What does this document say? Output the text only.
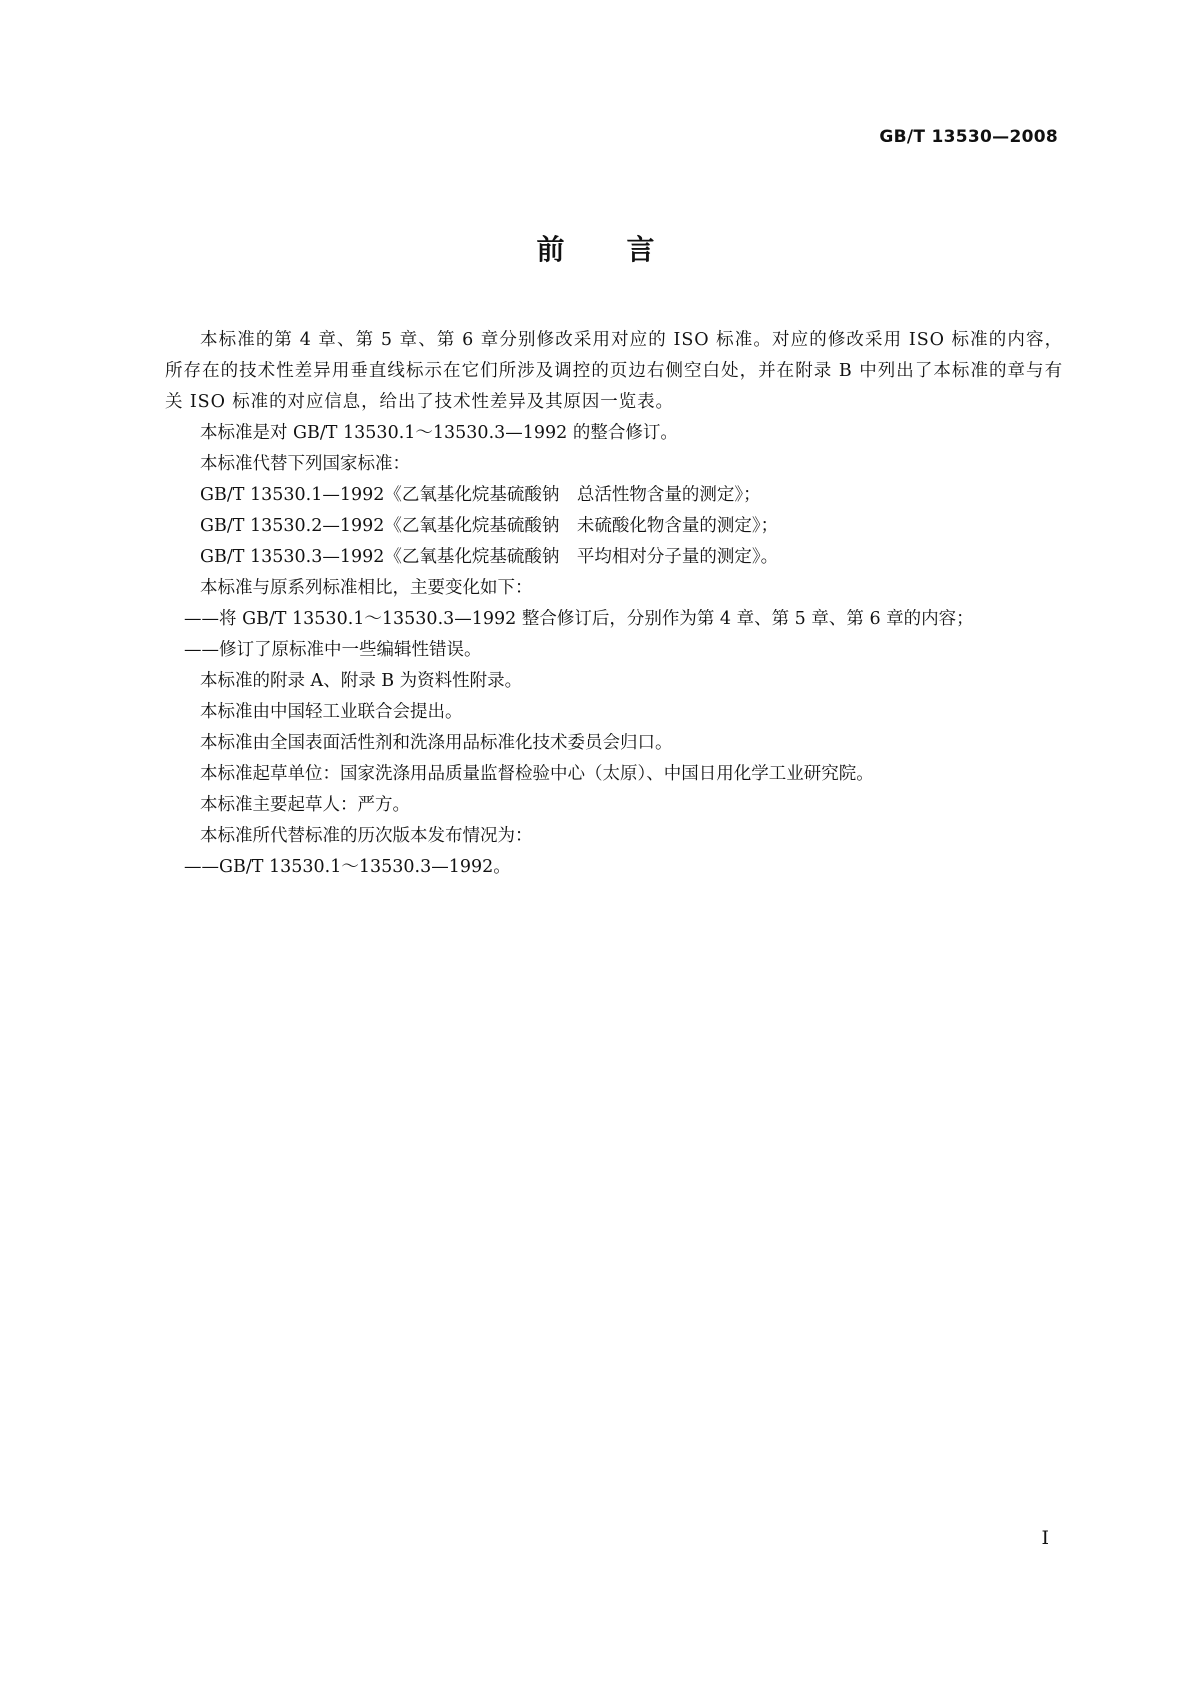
GB/T 13530—2008
前 言

本标准的第 4 章、第 5 章、第 6 章分别修改采用对应的 ISO 标准。对应的修改采用 ISO 标准的内容，所存在的技术性差异用垂直线标示在它们所涉及调控的页边右侧空白处，并在附录 B 中列出了本标准的章与有关 ISO 标准的对应信息，给出了技术性差异及其原因一览表。

本标准是对 GB/T 13530.1～13530.3—1992 的整合修订。

本标准代替下列国家标准：

GB/T 13530.1—1992《乙氧基化烷基硫酸钠　总活性物含量的测定》；

GB/T 13530.2—1992《乙氧基化烷基硫酸钠　未硫酸化物含量的测定》；

GB/T 13530.3—1992《乙氧基化烷基硫酸钠　平均相对分子量的测定》。

本标准与原系列标准相比，主要变化如下：

——将 GB/T 13530.1～13530.3—1992 整合修订后，分别作为第 4 章、第 5 章、第 6 章的内容；

——修订了原标准中一些编辑性错误。

本标准的附录 A、附录 B 为资料性附录。

本标准由中国轻工业联合会提出。

本标准由全国表面活性剂和洗涤用品标准化技术委员会归口。

本标准起草单位：国家洗涤用品质量监督检验中心（太原）、中国日用化学工业研究院。

本标准主要起草人：严方。

本标准所代替标准的历次版本发布情况为：

——GB/T 13530.1～13530.3—1992。

I
